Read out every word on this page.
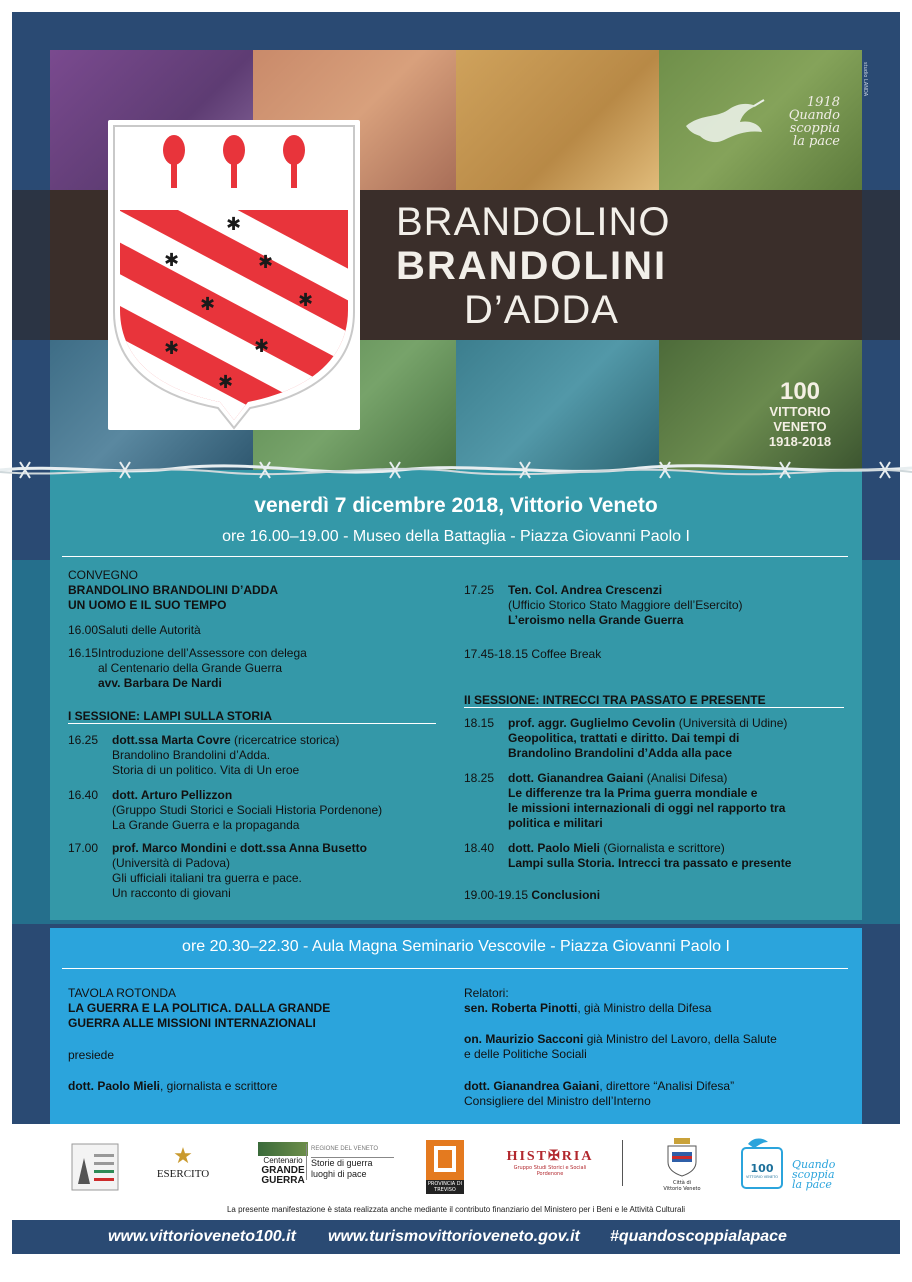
studio LANDA
✱
✱	✱
✱	✱
✱	✱
✱
BRANDOLINO
BRANDOLINI
D’ADDA
1918
Quando
scoppia
la pace
100
VITTORIO
VENETO
1918-2018
venerdì 7 dicembre 2018, Vittorio Veneto
ore 16.00–19.00 - Museo della Battaglia - Piazza Giovanni Paolo I
CONVEGNO
BRANDOLINO BRANDOLINI D’ADDA
UN UOMO E IL SUO TEMPO
16.00 Saluti delle Autorità
16.15 Introduzione dell’Assessore con delega
al Centenario della Grande Guerra
avv. Barbara De Nardi
I SESSIONE: LAMPI SULLA STORIA
16.25	dott.ssa Marta Covre (ricercatrice storica)
Brandolino Brandolini d’Adda.
Storia di un politico. Vita di Un eroe
16.40	dott. Arturo Pellizzon
(Gruppo Studi Storici e Sociali Historia Pordenone)
La Grande Guerra e la propaganda
17.00	prof. Marco Mondini e dott.ssa Anna Busetto
(Università di Padova)
Gli ufficiali italiani tra guerra e pace.
Un racconto di giovani
17.25	Ten. Col. Andrea Crescenzi
(Ufficio Storico Stato Maggiore dell’Esercito)
L’eroismo nella Grande Guerra
17.45-18.15 Coffee Break
II SESSIONE: INTRECCI TRA PASSATO E PRESENTE
18.15	prof. aggr. Guglielmo Cevolin (Università di Udine)
Geopolitica, trattati e diritto. Dai tempi di
Brandolino Brandolini d’Adda alla pace
18.25	dott. Gianandrea Gaiani (Analisi Difesa)
Le differenze tra la Prima guerra mondiale e
le missioni internazionali di oggi nel rapporto tra
politica e militari
18.40	dott. Paolo Mieli (Giornalista e scrittore)
Lampi sulla Storia. Intrecci tra passato e presente
19.00-19.15 Conclusioni
ore 20.30–22.30 - Aula Magna Seminario Vescovile - Piazza Giovanni Paolo I
TAVOLA ROTONDA
LA GUERRA E LA POLITICA. DALLA GRANDE
GUERRA ALLE MISSIONI INTERNAZIONALI
presiede
dott. Paolo Mieli, giornalista e scrittore
Relatori:
sen. Roberta Pinotti, già Ministro della Difesa
on. Maurizio Sacconi già Ministro del Lavoro, della Salute
e delle Politiche Sociali
dott. Gianandrea Gaiani, direttore “Analisi Difesa”
Consigliere del Ministro dell’Interno
★
ESERCITO
Centenario
GRANDE
GUERRA
REGIONE DEL VENETO
Storie di guerra
luoghi di pace
PROVINCIA DI TREVISO
HIST✠RIA
Gruppo Studi Storici e Sociali
Pordenone
Città di
Vittorio Veneto
100
VITTORIO VENETO
Quando
scoppia
la pace
La presente manifestazione è stata realizzata anche mediante il contributo finanziario del Ministero per i Beni e le Attività Culturali
www.vittorioveneto100.it www.turismovittorioveneto.gov.it #quandoscoppialapace
